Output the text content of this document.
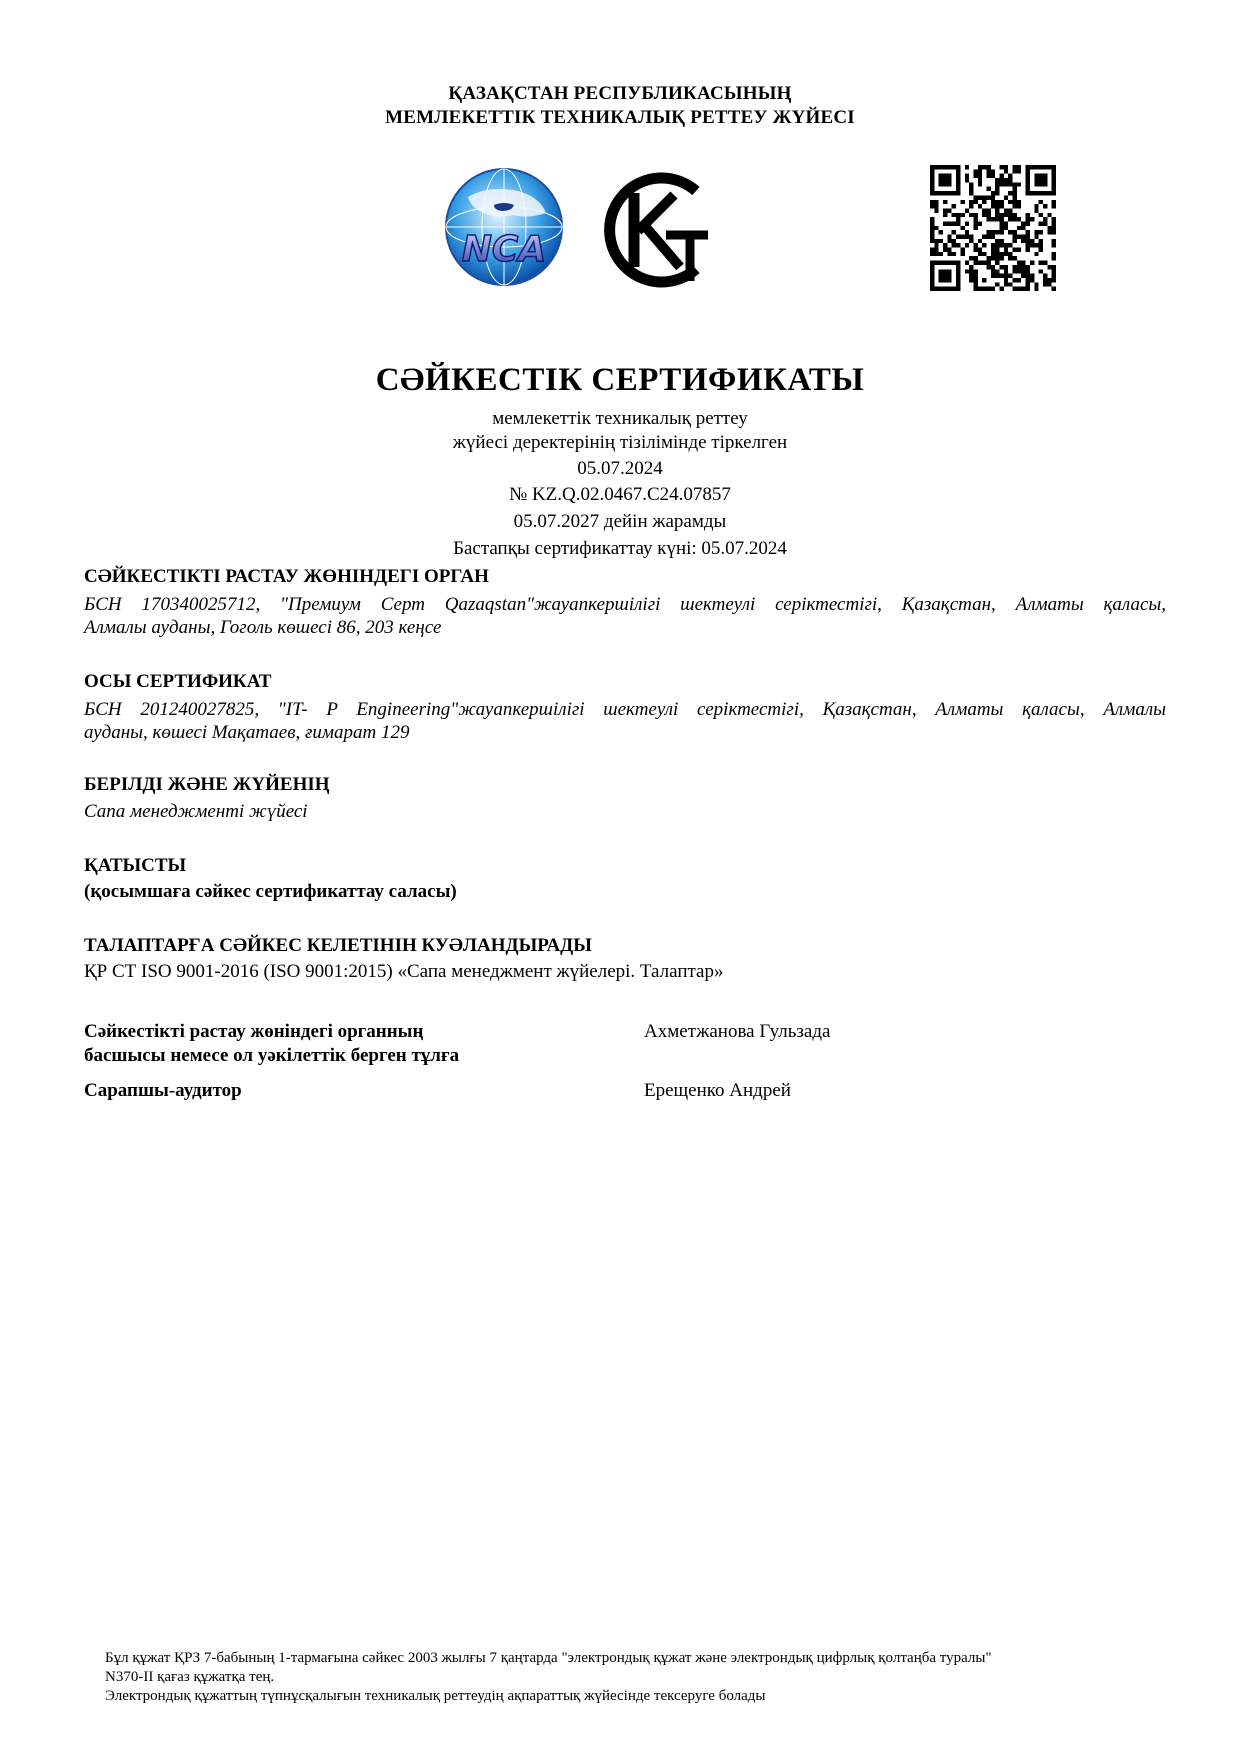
ҚАЗАҚСТАН РЕСПУБЛИКАСЫНЫҢ
МЕМЛЕКЕТТІК ТЕХНИКАЛЫҚ РЕТТЕУ ЖҮЙЕСІ
NCA
СӘЙКЕСТІК СЕРТИФИКАТЫ
мемлекеттік техникалық реттеу
жүйесі деректерінің тізілімінде тіркелген
05.07.2024
№ KZ.Q.02.0467.C24.07857
05.07.2027 дейін жарамды
Бастапқы сертификаттау күні: 05.07.2024
СӘЙКЕСТІКТІ РАСТАУ ЖӨНІНДЕГІ ОРГАН
БСН 170340025712, "Премиум Серт Qazaqstan"жауапкершілігі шектеулі серіктестігі, Қазақстан, Алматы қаласы,
Алмалы ауданы, Гоголь көшесі 86, 203 кеңсе
ОСЫ СЕРТИФИКАТ
БСН 201240027825, "IT- P Engineering"жауапкершілігі шектеулі серіктестігі, Қазақстан, Алматы қаласы, Алмалы
ауданы, көшесі Мақатаев, ғимарат 129
БЕРІЛДІ ЖӘНЕ ЖҮЙЕНІҢ
Сапа менеджменті жүйесі
ҚАТЫСТЫ
(қосымшаға сәйкес сертификаттау саласы)
ТАЛАПТАРҒА СӘЙКЕС КЕЛЕТІНІН КУӘЛАНДЫРАДЫ
ҚР СТ ISO 9001-2016 (ISO 9001:2015) «Сапа менеджмент жүйелері. Талаптар»
Сәйкестікті растау жөніндегі органның
басшысы немесе ол уәкілеттік берген тұлға
Ахметжанова Гульзада
Сарапшы-аудитор	Ерещенко Андрей
Бұл құжат ҚРЗ 7-бабының 1-тармағына сәйкес 2003 жылғы 7 қаңтарда "электрондық құжат және электрондық цифрлық қолтаңба туралы"
N370-II қағаз құжатқа тең.
Электрондық құжаттың түпнұсқалығын техникалық реттеудің ақпараттық жүйесінде тексеруге болады
